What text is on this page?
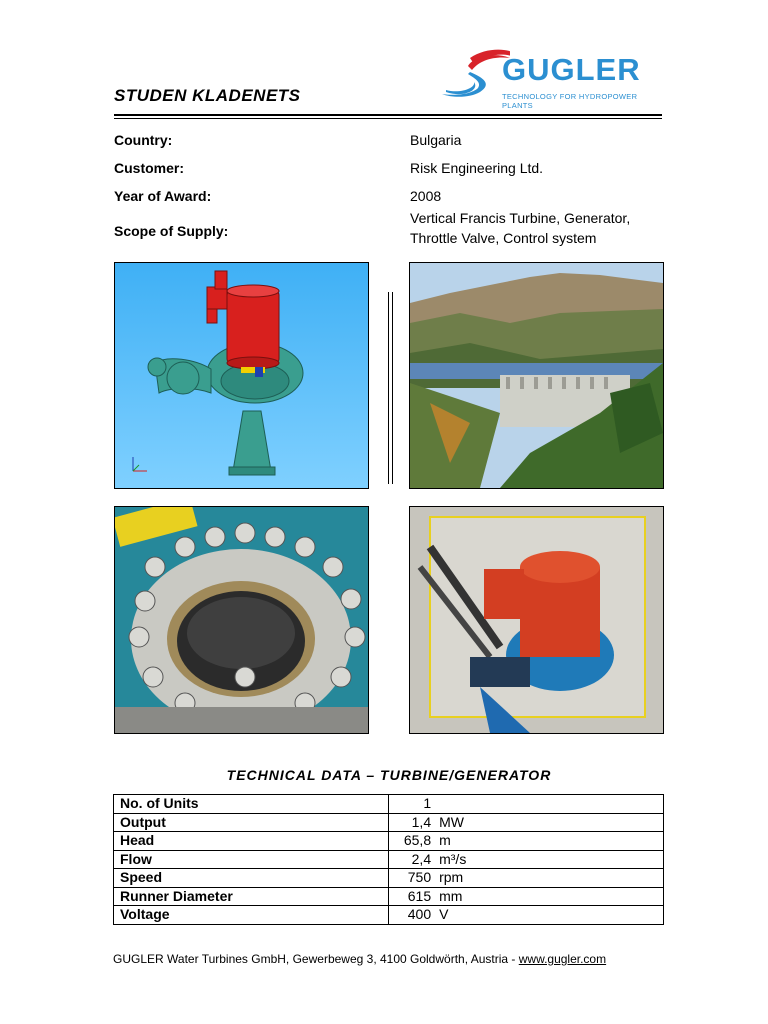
STUDEN KLADENETS
GUGLER
TECHNOLOGY FOR HYDROPOWER PLANTS
Country:	Bulgaria
Customer:	Risk Engineering Ltd.
Year of Award:	2008
Scope of Supply:
Vertical Francis Turbine, Generator,
Throttle Valve, Control system
TECHNICAL DATA – TURBINE/GENERATOR
No. of Units	1
Output	1,4 MW
Head	65,8 m
Flow	2,4 m³/s
Speed	750 rpm
Runner Diameter	615 mm
Voltage	400 V
GUGLER Water Turbines GmbH, Gewerbeweg 3, 4100 Goldwörth, Austria - www.gugler.com
